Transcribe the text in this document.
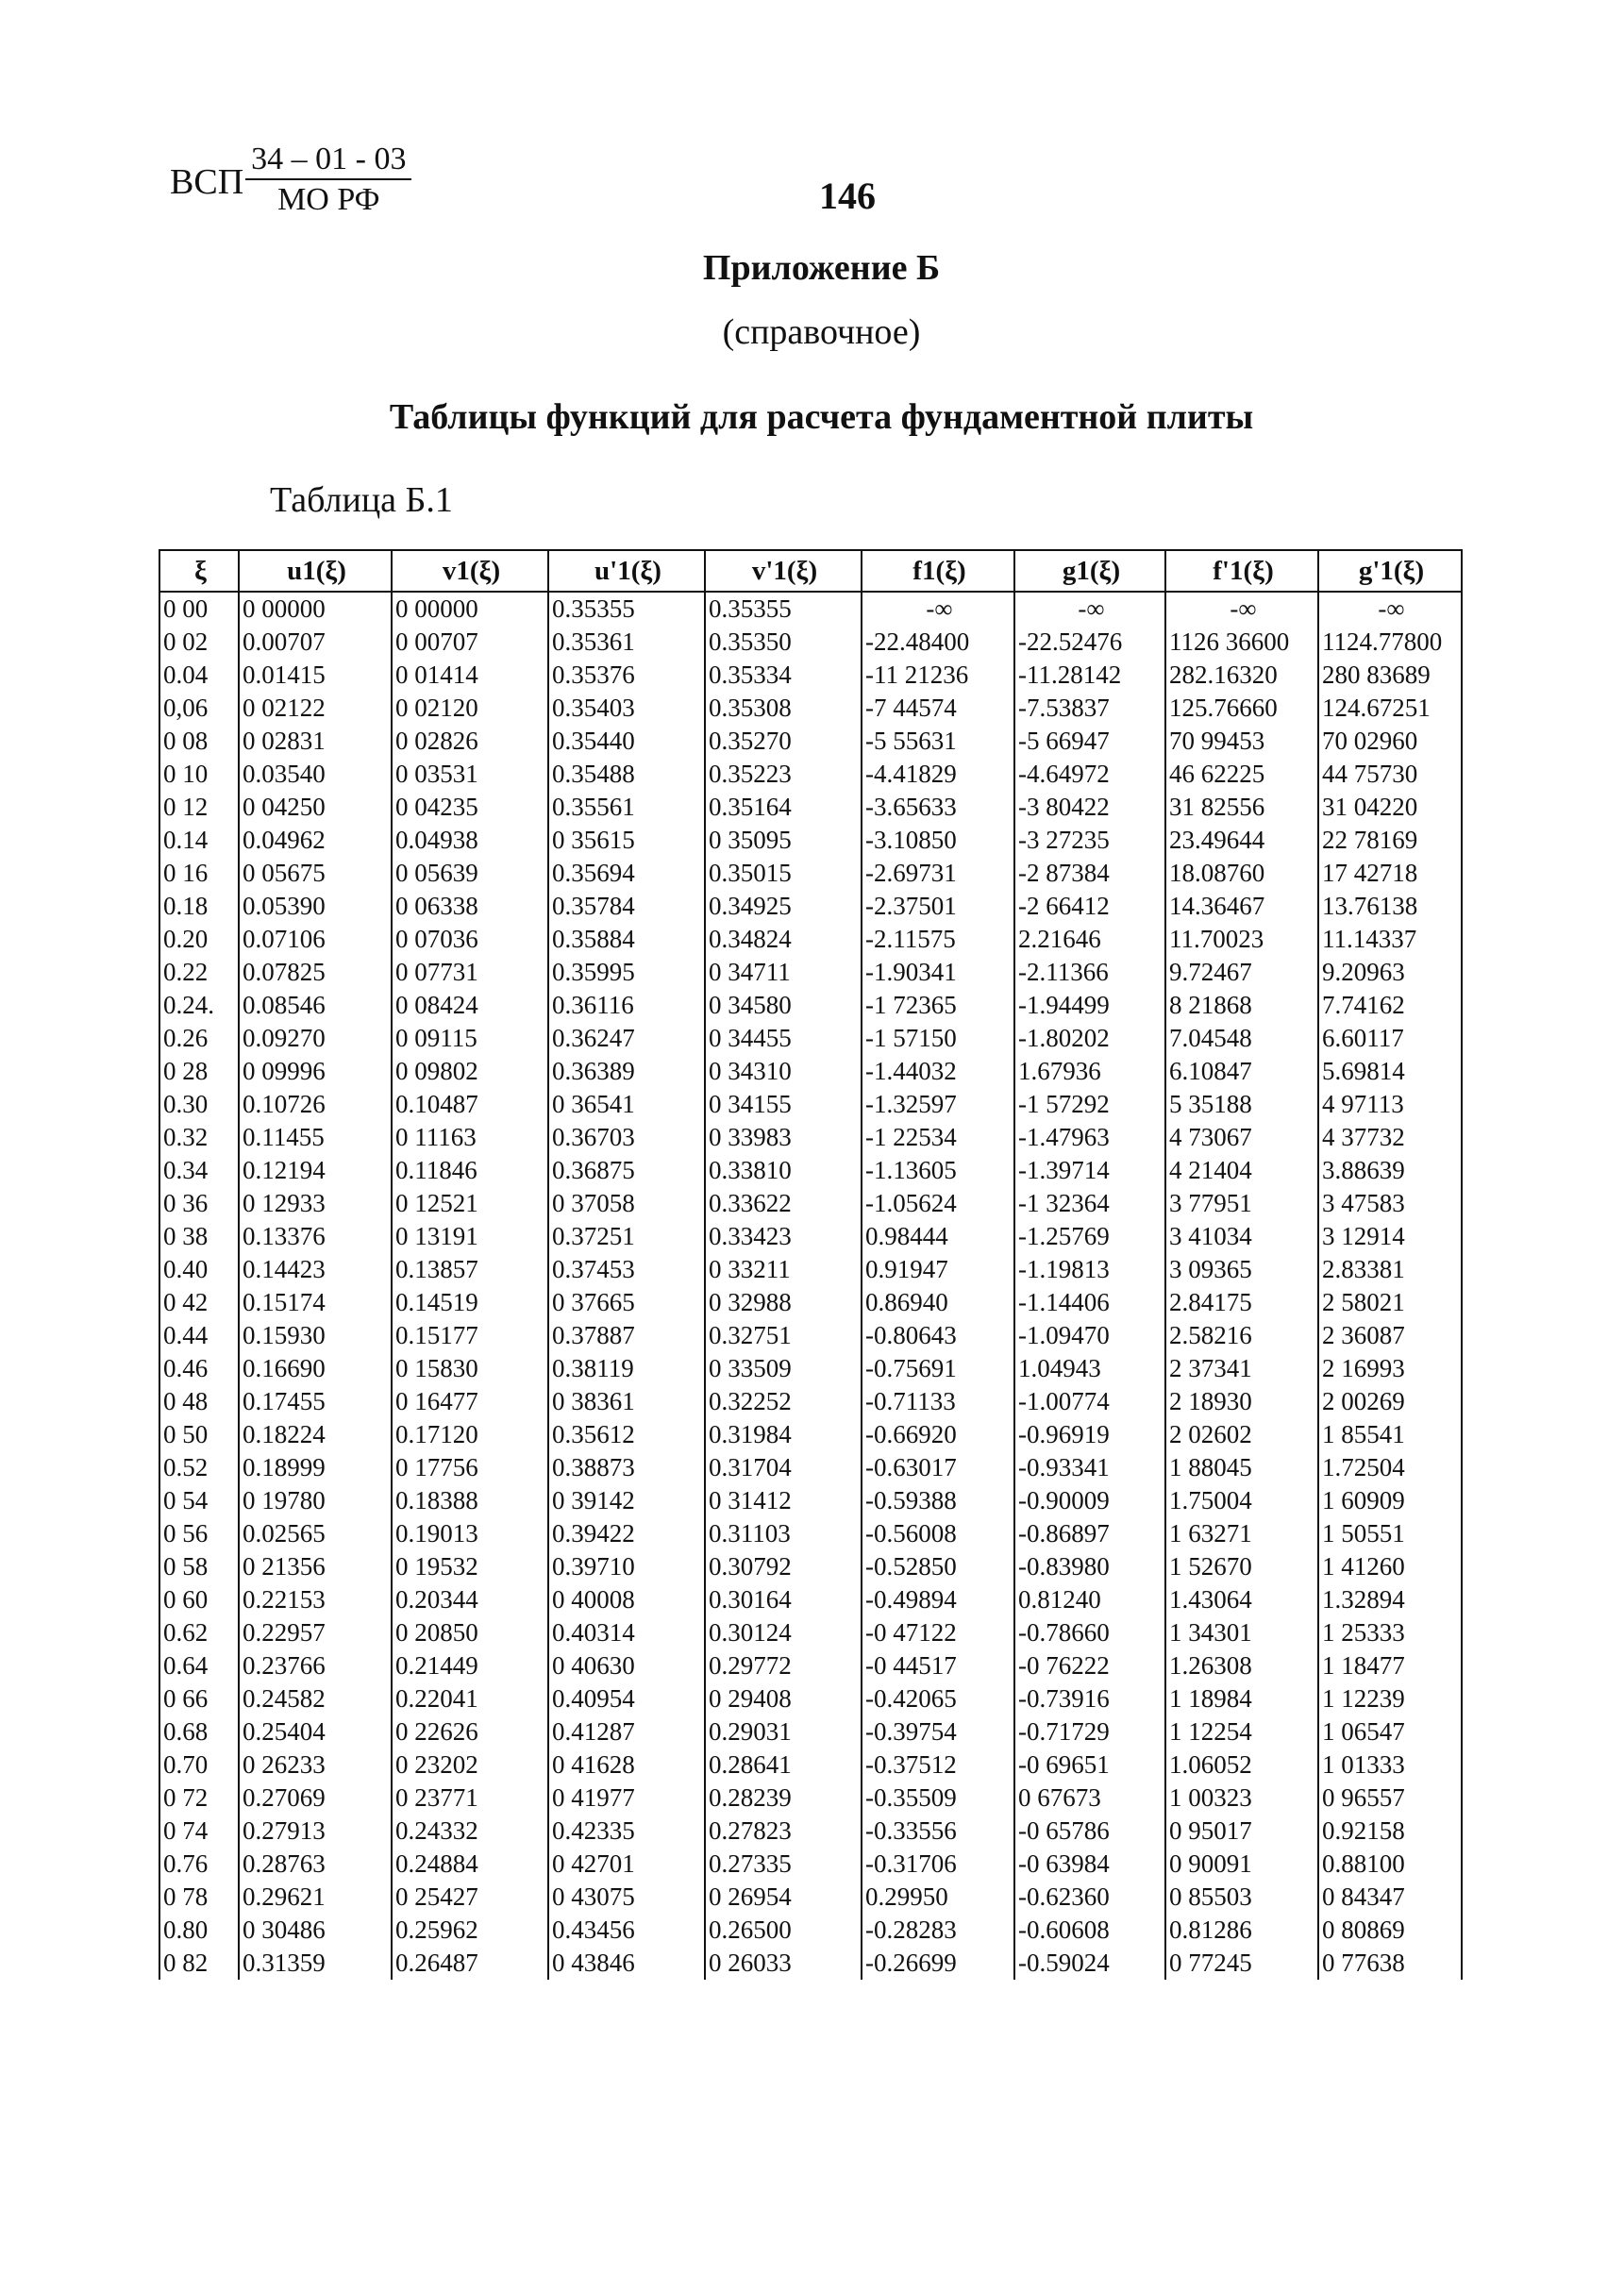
ВСП $\frac{34 - 01 - 03}{\text{МО РФ}}$	146
Приложение Б
(справочное)
Таблицы функций для расчета фундаментной плиты
Таблица Б.1
ξ	u1(ξ)	v1(ξ)	u'1(ξ)	v'1(ξ)	f1(ξ)	g1(ξ)	f'1(ξ)	g'1(ξ)
0 00	0 00000	0 00000	0.35355	0.35355	-∞	-∞	-∞	-∞
0 02	0.00707	0 00707	0.35361	0.35350	-22.48400	-22.52476	1126 36600	1124.77800
0.04	0.01415	0 01414	0.35376	0.35334	-11 21236	-11.28142	282.16320	280 83689
0,06	0 02122	0 02120	0.35403	0.35308	-7 44574	-7.53837	125.76660	124.67251
0 08	0 02831	0 02826	0.35440	0.35270	-5 55631	-5 66947	70 99453	70 02960
0 10	0.03540	0 03531	0.35488	0.35223	-4.41829	-4.64972	46 62225	44 75730
0 12	0 04250	0 04235	0.35561	0.35164	-3.65633	-3 80422	31 82556	31 04220
0.14	0.04962	0.04938	0 35615	0 35095	-3.10850	-3 27235	23.49644	22 78169
0 16	0 05675	0 05639	0.35694	0.35015	-2.69731	-2 87384	18.08760	17 42718
0.18	0.05390	0 06338	0.35784	0.34925	-2.37501	-2 66412	14.36467	13.76138
0.20	0.07106	0 07036	0.35884	0.34824	-2.11575	2.21646	11.70023	11.14337
0.22	0.07825	0 07731	0.35995	0 34711	-1.90341	-2.11366	9.72467	9.20963
0.24.	0.08546	0 08424	0.36116	0 34580	-1 72365	-1.94499	8 21868	7.74162
0.26	0.09270	0 09115	0.36247	0 34455	-1 57150	-1.80202	7.04548	6.60117
0 28	0 09996	0 09802	0.36389	0 34310	-1.44032	1.67936	6.10847	5.69814
0.30	0.10726	0.10487	0 36541	0 34155	-1.32597	-1 57292	5 35188	4 97113
0.32	0.11455	0 11163	0.36703	0 33983	-1 22534	-1.47963	4 73067	4 37732
0.34	0.12194	0.11846	0.36875	0.33810	-1.13605	-1.39714	4 21404	3.88639
0 36	0 12933	0 12521	0 37058	0.33622	-1.05624	-1 32364	3 77951	3 47583
0 38	0.13376	0 13191	0.37251	0.33423	0.98444	-1.25769	3 41034	3 12914
0.40	0.14423	0.13857	0.37453	0 33211	0.91947	-1.19813	3 09365	2.83381
0 42	0.15174	0.14519	0 37665	0 32988	0.86940	-1.14406	2.84175	2 58021
0.44	0.15930	0.15177	0.37887	0.32751	-0.80643	-1.09470	2.58216	2 36087
0.46	0.16690	0 15830	0.38119	0 33509	-0.75691	1.04943	2 37341	2 16993
0 48	0.17455	0 16477	0 38361	0.32252	-0.71133	-1.00774	2 18930	2 00269
0 50	0.18224	0.17120	0.35612	0.31984	-0.66920	-0.96919	2 02602	1 85541
0.52	0.18999	0 17756	0.38873	0.31704	-0.63017	-0.93341	1 88045	1.72504
0 54	0 19780	0.18388	0 39142	0 31412	-0.59388	-0.90009	1.75004	1 60909
0 56	0.02565	0.19013	0.39422	0.31103	-0.56008	-0.86897	1 63271	1 50551
0 58	0 21356	0 19532	0.39710	0.30792	-0.52850	-0.83980	1 52670	1 41260
0 60	0.22153	0.20344	0 40008	0.30164	-0.49894	0.81240	1.43064	1.32894
0.62	0.22957	0 20850	0.40314	0.30124	-0 47122	-0.78660	1 34301	1 25333
0.64	0.23766	0.21449	0 40630	0.29772	-0 44517	-0 76222	1.26308	1 18477
0 66	0.24582	0.22041	0.40954	0 29408	-0.42065	-0.73916	1 18984	1 12239
0.68	0.25404	0 22626	0.41287	0.29031	-0.39754	-0.71729	1 12254	1 06547
0.70	0 26233	0 23202	0 41628	0.28641	-0.37512	-0 69651	1.06052	1 01333
0 72	0.27069	0 23771	0 41977	0.28239	-0.35509	0 67673	1 00323	0 96557
0 74	0.27913	0.24332	0.42335	0.27823	-0.33556	-0 65786	0 95017	0.92158
0.76	0.28763	0.24884	0 42701	0.27335	-0.31706	-0 63984	0 90091	0.88100
0 78	0.29621	0 25427	0 43075	0 26954	0.29950	-0.62360	0 85503	0 84347
0.80	0 30486	0.25962	0.43456	0.26500	-0.28283	-0.60608	0.81286	0 80869
0 82	0.31359	0.26487	0 43846	0 26033	-0.26699	-0.59024	0 77245	0 77638
